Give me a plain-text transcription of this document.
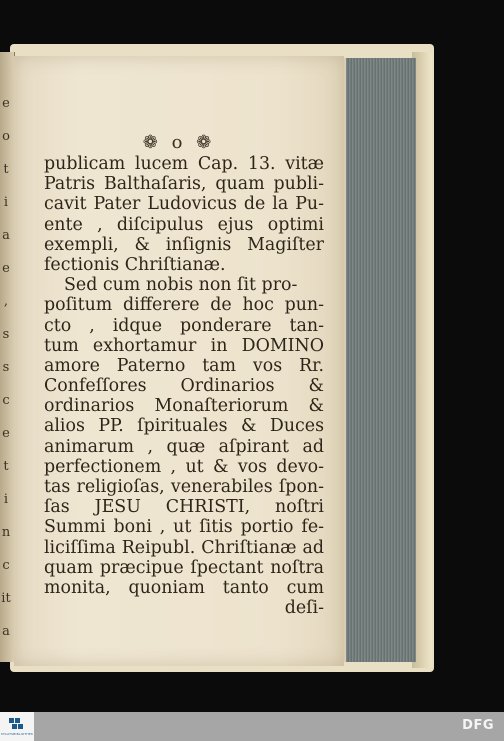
e
o
t
i
a
e
,
s
s
c
e
t
i
n
c
it
a
❁ o ❁
publicam lucem Cap. 13. vitæ
Patris Balthaſaris, quam publi-
cavit Pater Ludovicus de la Pu-
ente , diſcipulus ejus optimi
exempli, & inſignis Magiſter
fectionis Chriſtianæ.
Sed cum nobis non ſit pro-
poſitum differere de hoc pun-
cto , idque ponderare tan-
tum exhortamur in DOMINO
amore Paterno tam vos Rr.
Confeſſores Ordinarios &
ordinarios Monaſteriorum &
alios PP. ſpirituales & Duces
animarum , quæ aſpirant ad
perfectionem , ut & vos devo-
tas religioſas, venerabiles ſpon-
ſas JESU CHRISTI, noſtri
Summi boni , ut ſitis portio fe-
liciſſima Reipubl. Chriſtianæ ad
quam præcipue ſpectant noſtra
monita, quoniam tanto cum
deſi-
STAATSBIBLIOTHEK
DFG
